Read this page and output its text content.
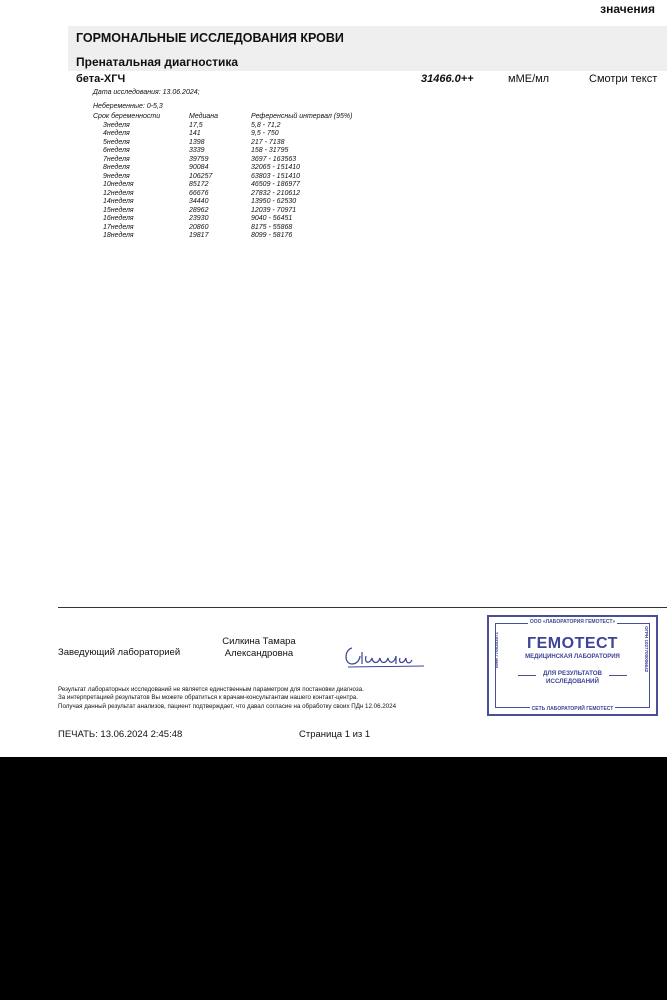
значения
ГОРМОНАЛЬНЫЕ ИССЛЕДОВАНИЯ КРОВИ
Пренатальная диагностика
бета-ХГЧ	31466.0++	мМЕ/мл	Смотри текст
Дата исследования: 13.06.2024;
Небеременные: 0-5,3
Срок беременности	Медиана	Референсный интервал (95%)
3неделя	17,5	5,8 - 71,2
4неделя	141	9,5 - 750
5неделя	1398	217 - 7138
6неделя	3339	158 - 31795
7неделя	39759	3697 - 163563
8неделя	90084	32065 - 151410
9неделя	106257	63803 - 151410
10неделя	85172	46509 - 186977
12неделя	66676	27832 - 210612
14неделя	34440	13950 - 62530
15неделя	28962	12039 - 70971
16неделя	23930	9040 - 56451
17неделя	20860	8175 - 55868
18неделя	19817	8099 - 58176
Заведующий лабораторией
Силкина Тамара
Александровна
Результат лабораторных исследований не является единственным параметром для постановки диагноза.
За интерпретацией результатов Вы можете обратиться к врачам-консультантам нашего контакт-центра.
Получая данный результат анализов, пациент подтверждает, что давал согласие на обработку своих ПДн 12.06.2024
ПЕЧАТЬ: 13.06.2024 2:45:48	Страница 1 из 1
ООО «ЛАБОРАТОРИЯ ГЕМОТЕСТ»
ГЕМОТЕСТ
МЕДИЦИНСКАЯ ЛАБОРАТОРИЯ
ДЛЯ РЕЗУЛЬТАТОВ
ИССЛЕДОВАНИЙ
СЕТЬ ЛАБОРАТОРИЙ ГЕМОТЕСТ
ИНН 7708383571	ОГРН 1027700006642
